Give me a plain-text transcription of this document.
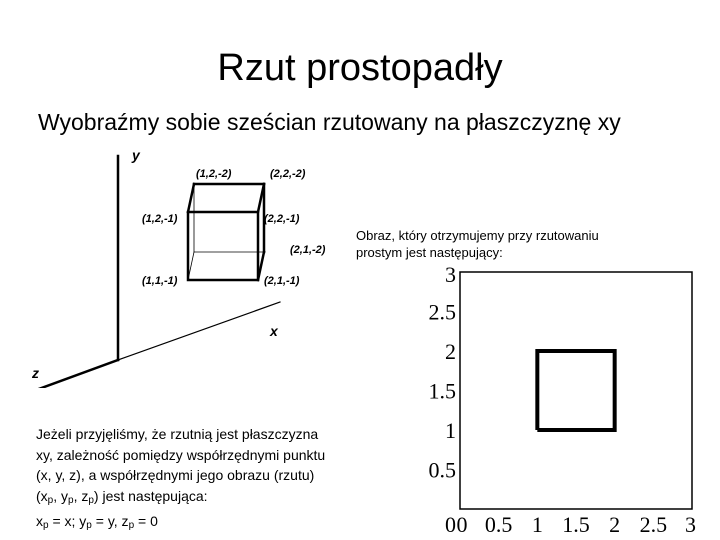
Rzut prostopadły
Wyobraźmy sobie sześcian rzutowany na płaszczyznę xy
y
x
z
(1,2,-2)	(2,2,-2)
(1,2,-1)	(2,2,-1)
(2,1,-2)
(1,1,-1)	(2,1,-1)
Obraz, który otrzymujemy przy rzutowaniu
prostym jest następujący:
0.5
1
1.5
2
2.5
3
0 0.5 1 1.5 2 2.5 3
0
Jeżeli przyjęliśmy, że rzutnią jest płaszczyzna
xy, zależność pomiędzy współrzędnymi punktu
(x, y, z), a współrzędnymi jego obrazu (rzutu)
($x_p$, $y_p$, $z_p$) jest następująca:
$x_p = x$; $y_p = y$, $z_p = 0$
